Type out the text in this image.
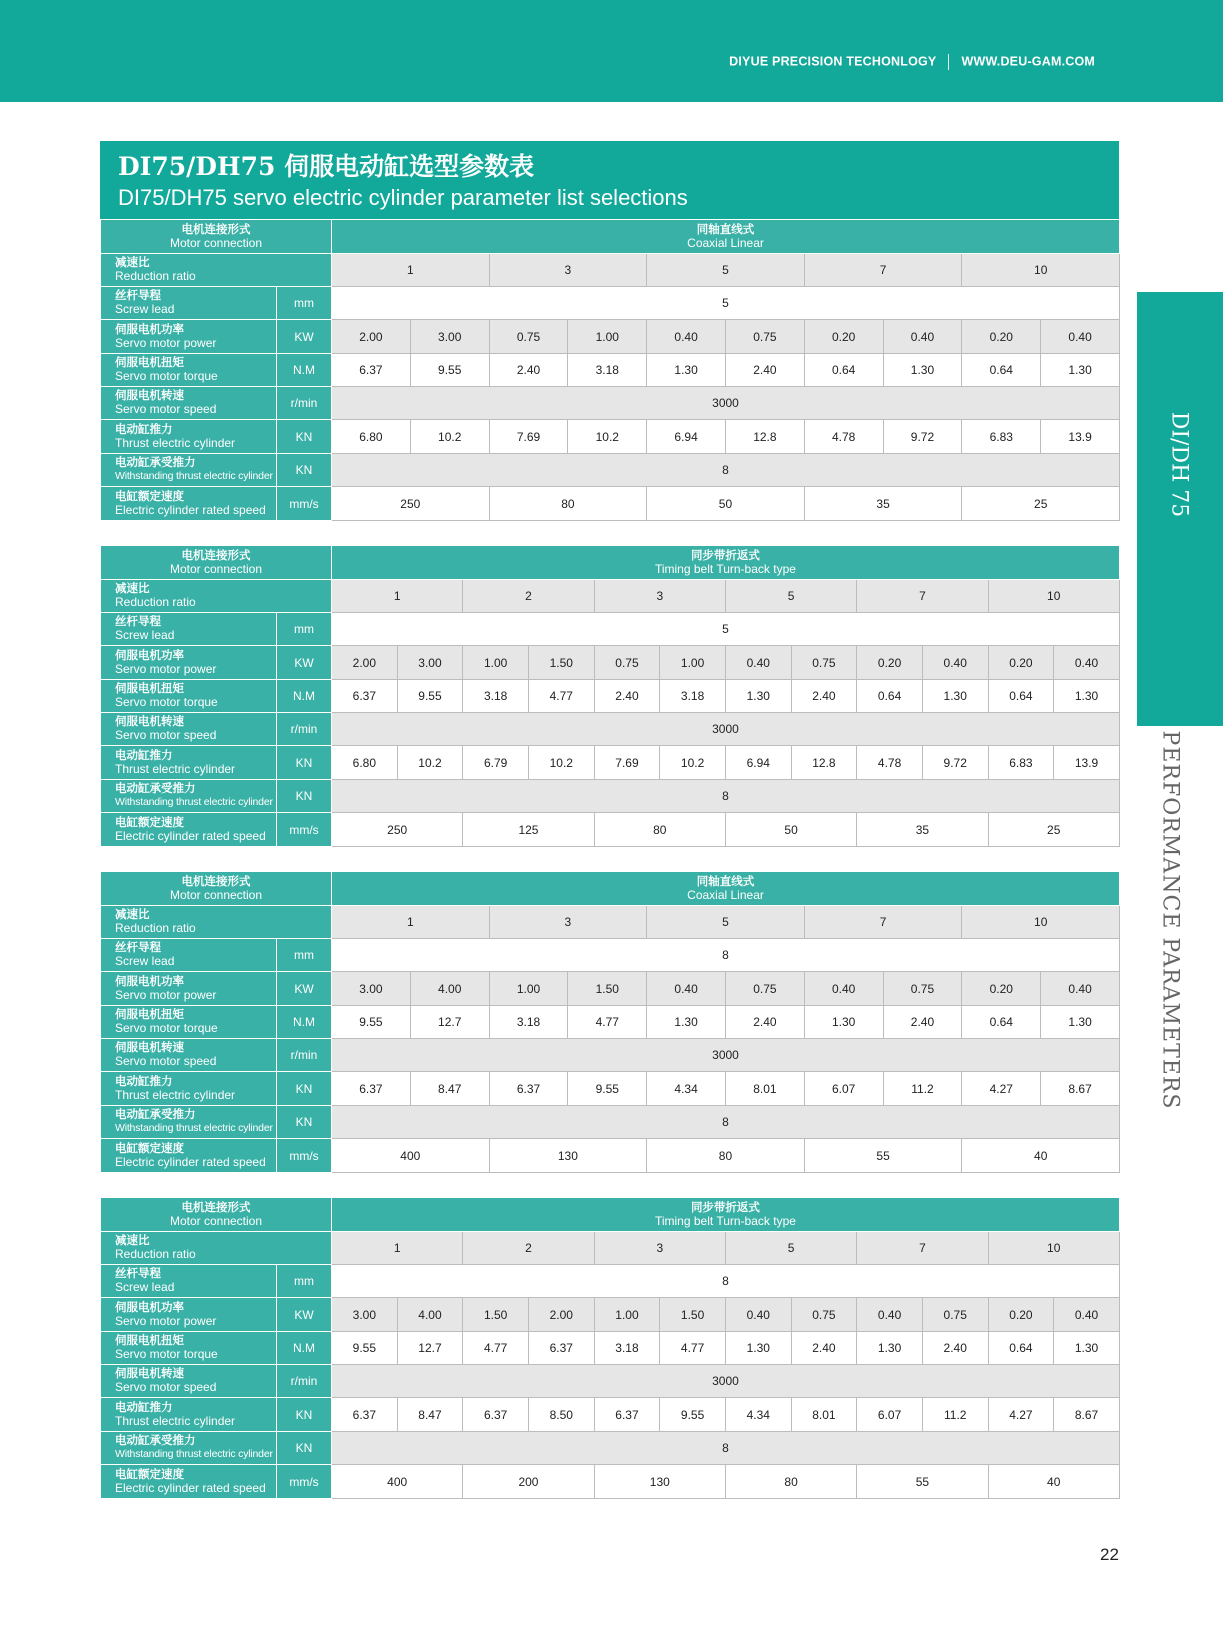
DIYUE PRECISION TECHONLOGY WWW.DEU-GAM.COM
DI75/DH75 伺服电动缸选型参数表
DI75/DH75 servo electric cylinder parameter list selections
DI/DH 75
PERFORMANCE PARAMETERS
电机连接形式
Motor connection		同轴直线式
Coaxial Linear									

减速比
Reduction ratio		1		3		5		7		10	

丝杆导程
Screw lead	mm	5									

伺服电机功率
Servo motor power	KW	2.00	3.00	0.75	1.00	0.40	0.75	0.20	0.40	0.20	0.40

伺服电机扭矩
Servo motor torque	N.M	6.37	9.55	2.40	3.18	1.30	2.40	0.64	1.30	0.64	1.30

伺服电机转速
Servo motor speed	r/min	3000									

电动缸推力
Thrust electric cylinder	KN	6.80	10.2	7.69	10.2	6.94	12.8	4.78	9.72	6.83	13.9

电动缸承受推力
Withstanding thrust electric cylinder	KN	8									

电缸额定速度
Electric cylinder rated speed	mm/s	250		80		50		35		25	
电机连接形式
Motor connection		同步带折返式
Timing belt Turn-back type											

减速比
Reduction ratio		1		2		3		5		7		10	

丝杆导程
Screw lead	mm	5											

伺服电机功率
Servo motor power	KW	2.00	3.00	1.00	1.50	0.75	1.00	0.40	0.75	0.20	0.40	0.20	0.40

伺服电机扭矩
Servo motor torque	N.M	6.37	9.55	3.18	4.77	2.40	3.18	1.30	2.40	0.64	1.30	0.64	1.30

伺服电机转速
Servo motor speed	r/min	3000											

电动缸推力
Thrust electric cylinder	KN	6.80	10.2	6.79	10.2	7.69	10.2	6.94	12.8	4.78	9.72	6.83	13.9

电动缸承受推力
Withstanding thrust electric cylinder	KN	8											

电缸额定速度
Electric cylinder rated speed	mm/s	250		125		80		50		35		25	
电机连接形式
Motor connection		同轴直线式
Coaxial Linear									

减速比
Reduction ratio		1		3		5		7		10	

丝杆导程
Screw lead	mm	8									

伺服电机功率
Servo motor power	KW	3.00	4.00	1.00	1.50	0.40	0.75	0.40	0.75	0.20	0.40

伺服电机扭矩
Servo motor torque	N.M	9.55	12.7	3.18	4.77	1.30	2.40	1.30	2.40	0.64	1.30

伺服电机转速
Servo motor speed	r/min	3000									

电动缸推力
Thrust electric cylinder	KN	6.37	8.47	6.37	9.55	4.34	8.01	6.07	11.2	4.27	8.67

电动缸承受推力
Withstanding thrust electric cylinder	KN	8									

电缸额定速度
Electric cylinder rated speed	mm/s	400		130		80		55		40	
电机连接形式
Motor connection		同步带折返式
Timing belt Turn-back type											

减速比
Reduction ratio		1		2		3		5		7		10	

丝杆导程
Screw lead	mm	8											

伺服电机功率
Servo motor power	KW	3.00	4.00	1.50	2.00	1.00	1.50	0.40	0.75	0.40	0.75	0.20	0.40

伺服电机扭矩
Servo motor torque	N.M	9.55	12.7	4.77	6.37	3.18	4.77	1.30	2.40	1.30	2.40	0.64	1.30

伺服电机转速
Servo motor speed	r/min	3000											

电动缸推力
Thrust electric cylinder	KN	6.37	8.47	6.37	8.50	6.37	9.55	4.34	8.01	6.07	11.2	4.27	8.67

电动缸承受推力
Withstanding thrust electric cylinder	KN	8											

电缸额定速度
Electric cylinder rated speed	mm/s	400		200		130		80		55		40	
22
